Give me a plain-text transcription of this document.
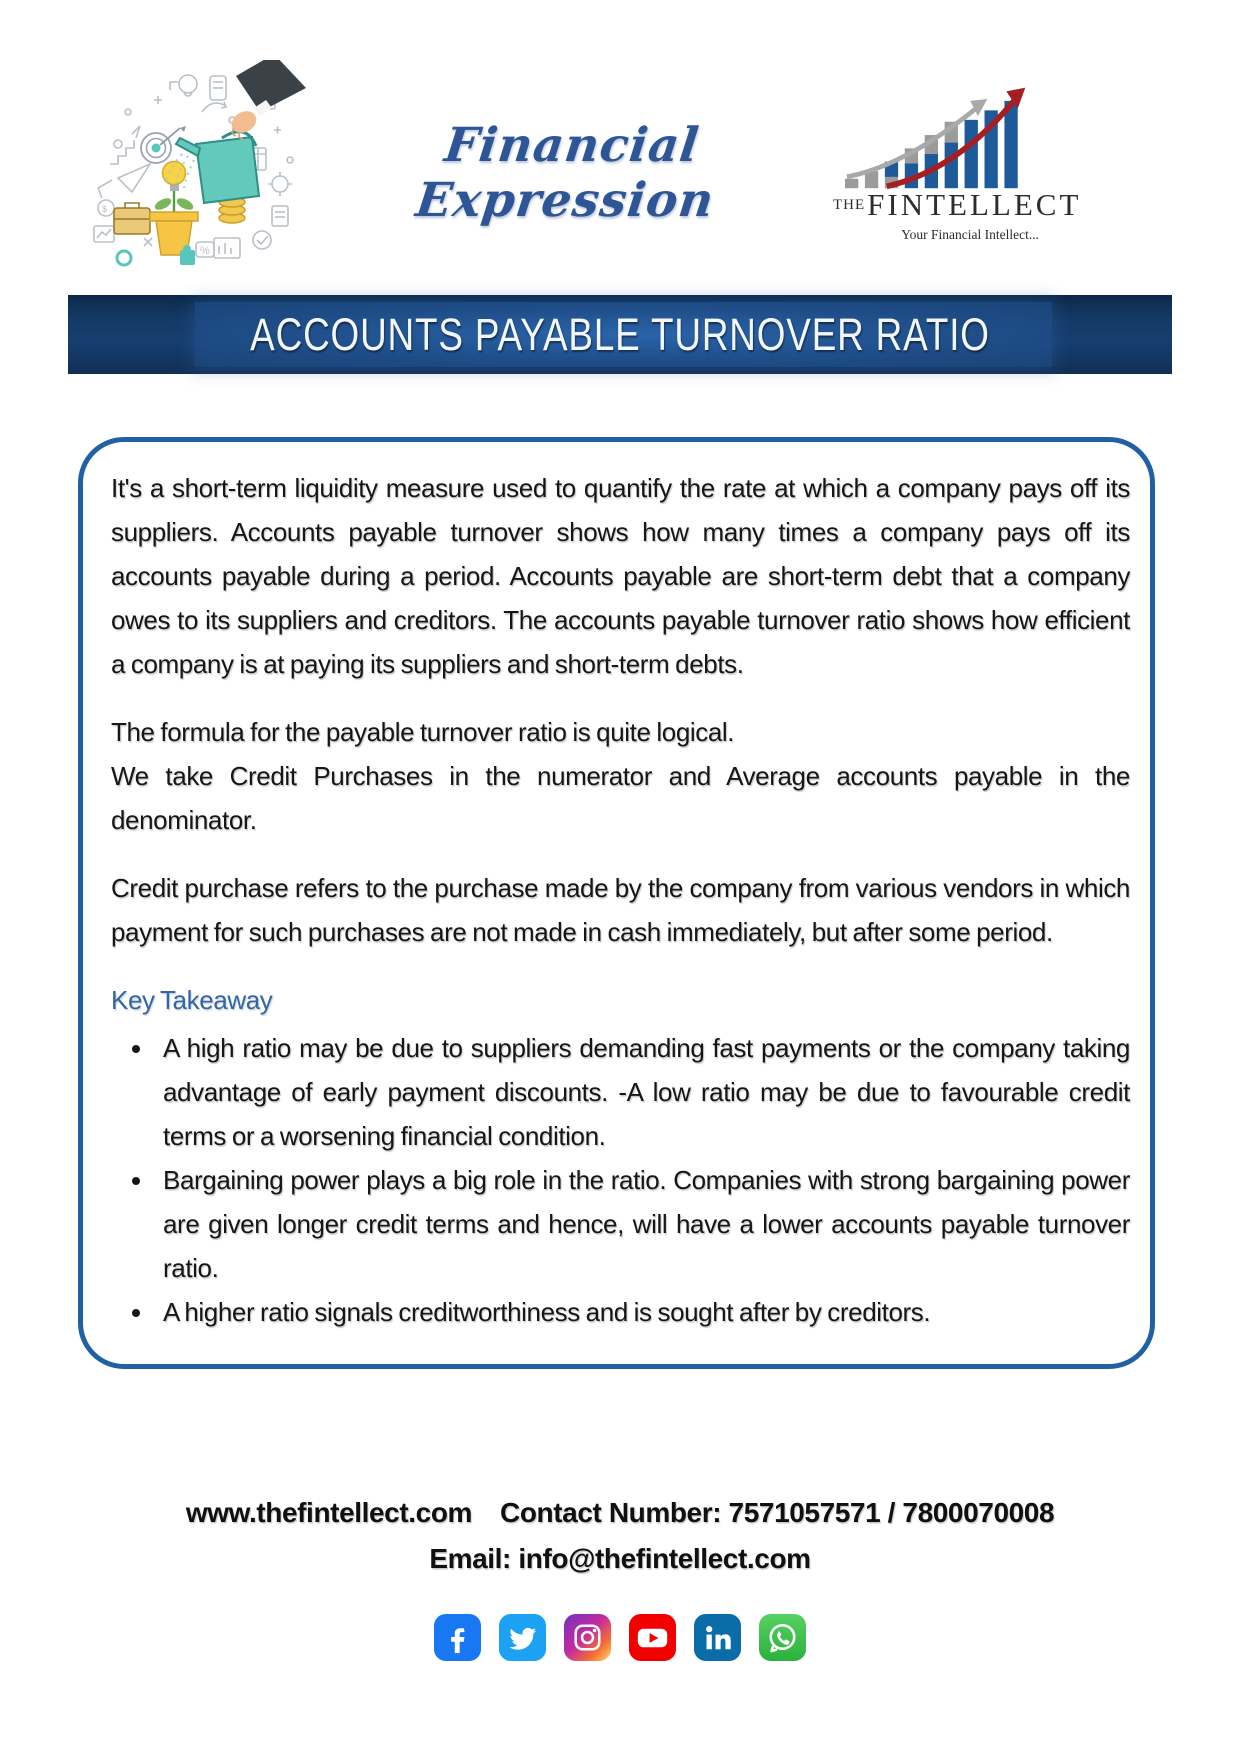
$
%
Financial Expression	THEFINTELLECT
Your Financial Intellect...
ACCOUNTS PAYABLE TURNOVER RATIO

It's a short-term liquidity measure used to quantify the rate at which a company pays off its suppliers. Accounts payable turnover shows how many times a company pays off its accounts payable during a period. Accounts payable are short-term debt that a company owes to its suppliers and creditors. The accounts payable turnover ratio shows how efficient a company is at paying its suppliers and short-term debts.

The formula for the payable turnover ratio is quite logical.
We take Credit Purchases in the numerator and Average accounts payable in the denominator.

Credit purchase refers to the purchase made by the company from various vendors in which payment for such purchases are not made in cash immediately, but after some period.

Key Takeaway
• A high ratio may be due to suppliers demanding fast payments or the company taking advantage of early payment discounts. -A low ratio may be due to favourable credit terms or a worsening financial condition.
• Bargaining power plays a big role in the ratio. Companies with strong bargaining power are given longer credit terms and hence, will have a lower accounts payable turnover ratio.
• A higher ratio signals creditworthiness and is sought after by creditors.
www.thefintellect.com Contact Number: 7571057571 / 7800070008
Email: info@thefintellect.com
